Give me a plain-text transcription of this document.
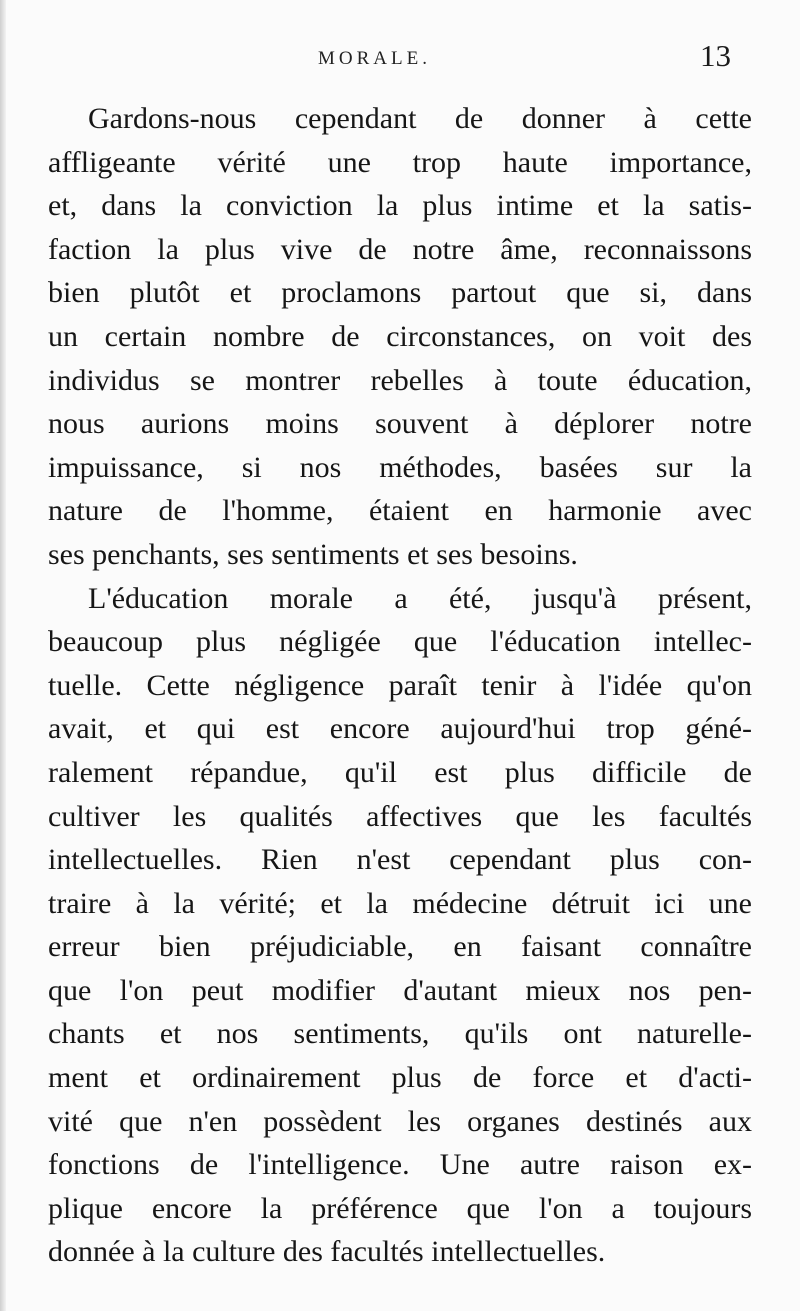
MORALE.	13
Gardons-nous cependant de donner à cette
affligeante vérité une trop haute importance,
et, dans la conviction la plus intime et la satis-
faction la plus vive de notre âme, reconnaissons
bien plutôt et proclamons partout que si, dans
un certain nombre de circonstances, on voit des
individus se montrer rebelles à toute éducation,
nous aurions moins souvent à déplorer notre
impuissance, si nos méthodes, basées sur la
nature de l'homme, étaient en harmonie avec
ses penchants, ses sentiments et ses besoins.
L'éducation morale a été, jusqu'à présent,
beaucoup plus négligée que l'éducation intellec-
tuelle. Cette négligence paraît tenir à l'idée qu'on
avait, et qui est encore aujourd'hui trop géné-
ralement répandue, qu'il est plus difficile de
cultiver les qualités affectives que les facultés
intellectuelles. Rien n'est cependant plus con-
traire à la vérité; et la médecine détruit ici une
erreur bien préjudiciable, en faisant connaître
que l'on peut modifier d'autant mieux nos pen-
chants et nos sentiments, qu'ils ont naturelle-
ment et ordinairement plus de force et d'acti-
vité que n'en possèdent les organes destinés aux
fonctions de l'intelligence. Une autre raison ex-
plique encore la préférence que l'on a toujours
donnée à la culture des facultés intellectuelles.
